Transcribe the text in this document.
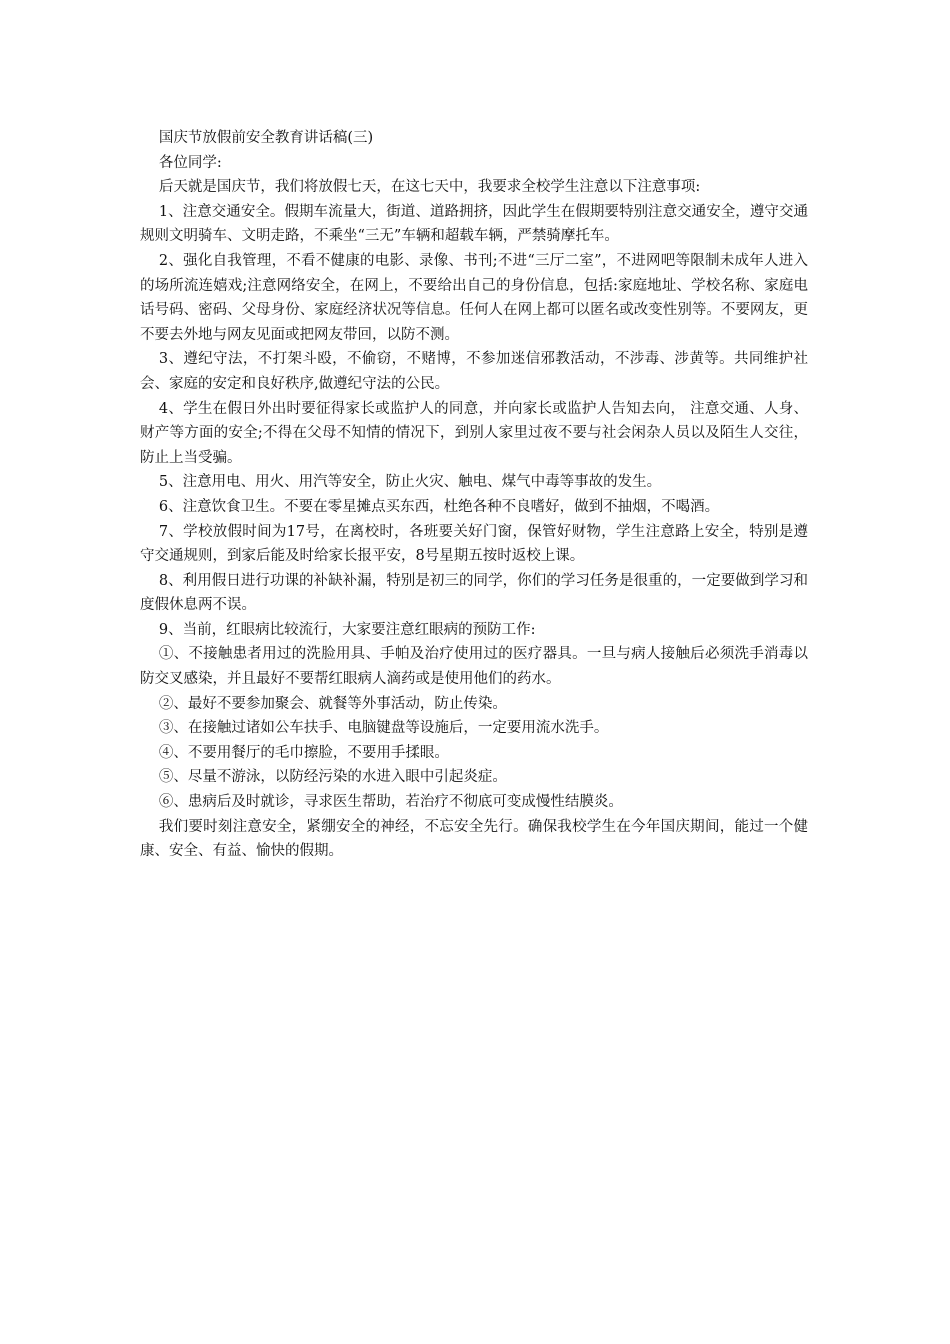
国庆节放假前安全教育讲话稿(三)

各位同学:

后天就是国庆节，我们将放假七天，在这七天中，我要求全校学生注意以下注意事项:

1、注意交通安全。假期车流量大，街道、道路拥挤，因此学生在假期要特别注意交通安全，遵守交通规则文明骑车、文明走路，不乘坐“三无”车辆和超载车辆，严禁骑摩托车。

2、强化自我管理，不看不健康的电影、录像、书刊;不进“三厅二室”，不进网吧等限制未成年人进入的场所流连嬉戏;注意网络安全，在网上，不要给出自己的身份信息，包括:家庭地址、学校名称、家庭电话号码、密码、父母身份、家庭经济状况等信息。任何人在网上都可以匿名或改变性别等。不要网友，更不要去外地与网友见面或把网友带回，以防不测。

3、遵纪守法，不打架斗殴，不偷窃，不赌博，不参加迷信邪教活动，不涉毒、涉黄等。共同维护社会、家庭的安定和良好秩序,做遵纪守法的公民。

4、学生在假日外出时要征得家长或监护人的同意，并向家长或监护人告知去向， 注意交通、人身、财产等方面的安全;不得在父母不知情的情况下，到别人家里过夜不要与社会闲杂人员以及陌生人交往，防止上当受骗。

5、注意用电、用火、用汽等安全，防止火灾、触电、煤气中毒等事故的发生。

6、注意饮食卫生。不要在零星摊点买东西，杜绝各种不良嗜好，做到不抽烟，不喝酒。

7、学校放假时间为17号，在离校时，各班要关好门窗，保管好财物，学生注意路上安全，特别是遵守交通规则，到家后能及时给家长报平安，8号星期五按时返校上课。

8、利用假日进行功课的补缺补漏，特别是初三的同学，你们的学习任务是很重的，一定要做到学习和度假休息两不误。

9、当前，红眼病比较流行，大家要注意红眼病的预防工作:

①、不接触患者用过的洗脸用具、手帕及治疗使用过的医疗器具。一旦与病人接触后必须洗手消毒以防交叉感染，并且最好不要帮红眼病人滴药或是使用他们的药水。

②、最好不要参加聚会、就餐等外事活动，防止传染。

③、在接触过诸如公车扶手、电脑键盘等设施后，一定要用流水洗手。

④、不要用餐厅的毛巾擦脸，不要用手揉眼。

⑤、尽量不游泳，以防经污染的水进入眼中引起炎症。

⑥、患病后及时就诊，寻求医生帮助，若治疗不彻底可变成慢性结膜炎。

我们要时刻注意安全，紧绷安全的神经，不忘安全先行。确保我校学生在今年国庆期间，能过一个健康、安全、有益、愉快的假期。
